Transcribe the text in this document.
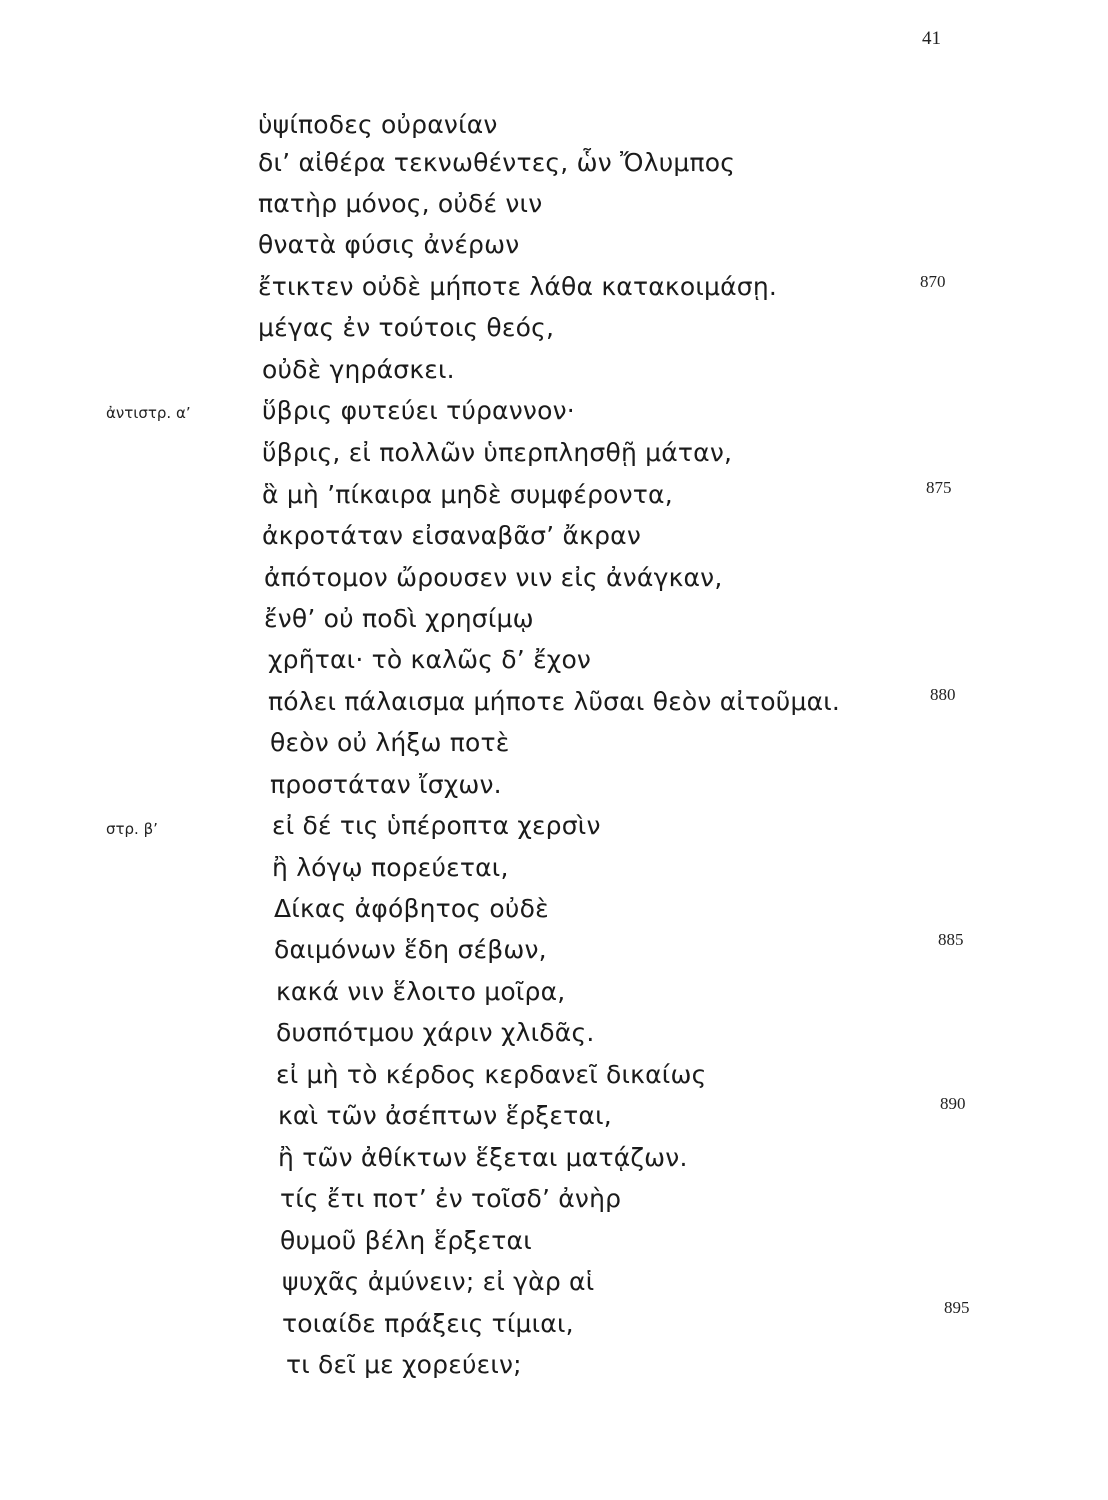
41
ἀντιστρ. α’
στρ. β’
870
875
880
885
890
895
ὑψίποδες οὐρανίαν
δι’ αἰθέρα τεκνωθέντες, ὧν Ὄλυμπος
πατὴρ μόνος, οὐδέ νιν
θνατὰ φύσις ἀνέρων
ἔτικτεν οὐδὲ μήποτε λάθα κατακοιμάσῃ.
μέγας ἐν τούτοις θεός,
οὐδὲ γηράσκει.
ὕβρις φυτεύει τύραννον·
ὕβρις, εἰ πολλῶν ὑπερπλησθῇ μάταν,
ἃ μὴ ’πίκαιρα μηδὲ συμφέροντα,
ἀκροτάταν εἰσαναβᾶσ’ ἄκραν
ἀπότομον ὤρουσεν νιν εἰς ἀνάγκαν,
ἔνθ’ οὐ ποδὶ χρησίμῳ
χρῆται· τὸ καλῶς δ’ ἔχον
πόλει πάλαισμα μήποτε λῦσαι θεὸν αἰτοῦμαι.
θεὸν οὐ λήξω ποτὲ
προστάταν ἴσχων.
εἰ δέ τις ὑπέροπτα χερσὶν
ἢ λόγῳ πορεύεται,
Δίκας ἀφόβητος οὐδὲ
δαιμόνων ἕδη σέβων,
κακά νιν ἕλοιτο μοῖρα,
δυσπότμου χάριν χλιδᾶς.
εἰ μὴ τὸ κέρδος κερδανεῖ δικαίως
καὶ τῶν ἀσέπτων ἕρξεται,
ἢ τῶν ἀθίκτων ἕξεται ματᾴζων.
τίς ἔτι ποτ’ ἐν τοῖσδ’ ἀνὴρ
θυμοῦ βέλη ἕρξεται
ψυχᾶς ἀμύνειν; εἰ γὰρ αἱ
τοιαίδε πράξεις τίμιαι,
τι δεῖ με χορεύειν;
